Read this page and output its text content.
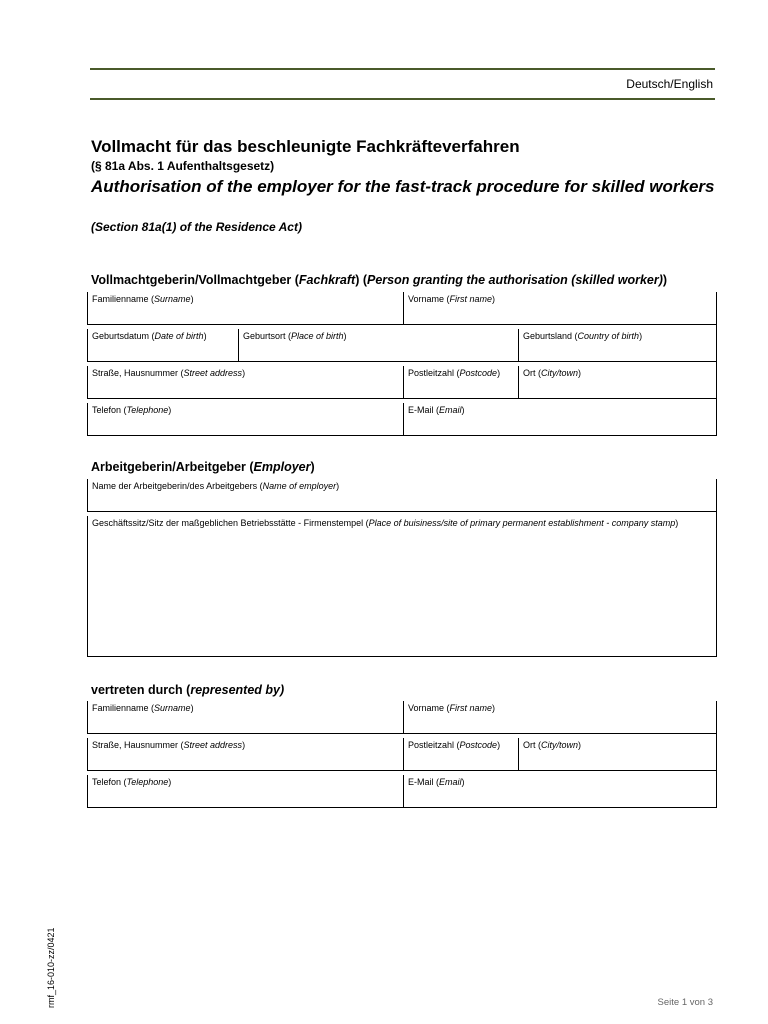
Deutsch/English
Vollmacht für das beschleunigte Fachkräfteverfahren
(§ 81a Abs. 1 Aufenthaltsgesetz)
Authorisation of the employer for the fast-track procedure for skilled workers
(Section 81a(1) of the Residence Act)
Vollmachtgeberin/Vollmachtgeber (Fachkraft) (Person granting the authorisation (skilled worker))
Familienname (Surname)	Vorname (First name)
Geburtsdatum (Date of birth)	Geburtsort (Place of birth)	Geburtsland (Country of birth)
Straße, Hausnummer (Street address)	Postleitzahl (Postcode)	Ort (City/town)
Telefon (Telephone)	E-Mail (Email)
Arbeitgeberin/Arbeitgeber (Employer)
Name der Arbeitgeberin/des Arbeitgebers (Name of employer)
Geschäftssitz/Sitz der maßgeblichen Betriebsstätte - Firmenstempel (Place of buisiness/site of primary permanent establishment - company stamp)
vertreten durch (represented by)
Familienname (Surname)	Vorname (First name)
Straße, Hausnummer (Street address)	Postleitzahl (Postcode)	Ort (City/town)
Telefon (Telephone)	E-Mail (Email)
rmf_16-010-zz/0421	Seite 1 von 3
